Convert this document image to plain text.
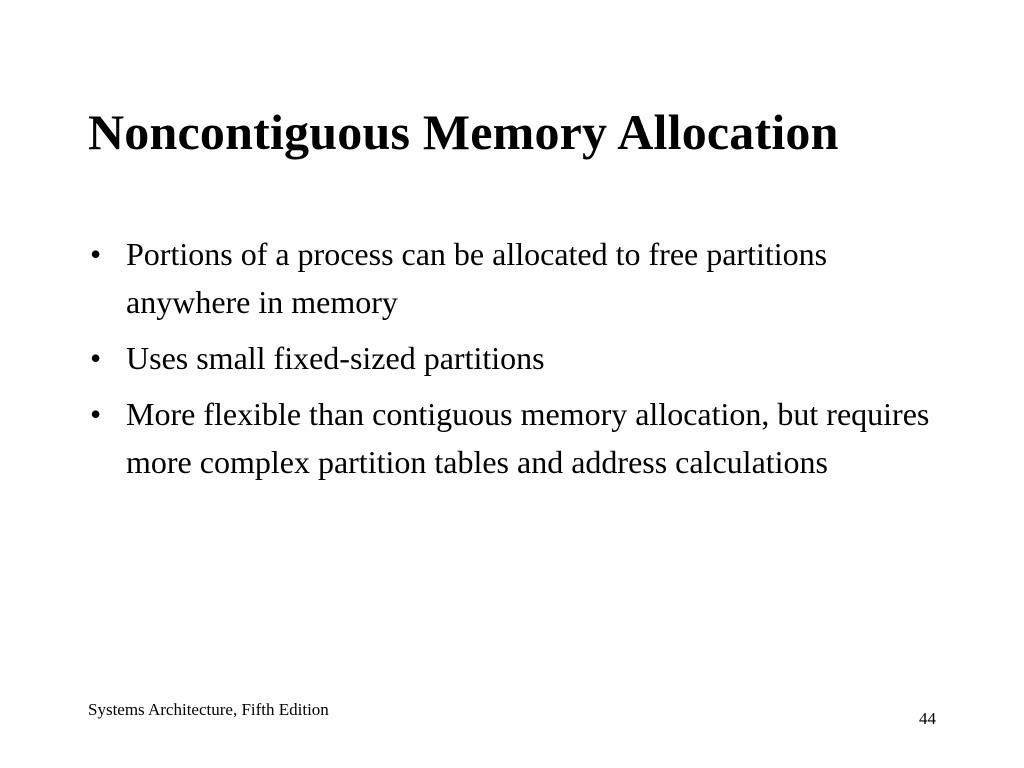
Noncontiguous Memory Allocation
• Portions of a process can be allocated to free partitions anywhere in memory
• Uses small fixed-sized partitions
• More flexible than contiguous memory allocation, but requires more complex partition tables and address calculations
Systems Architecture, Fifth Edition	44
